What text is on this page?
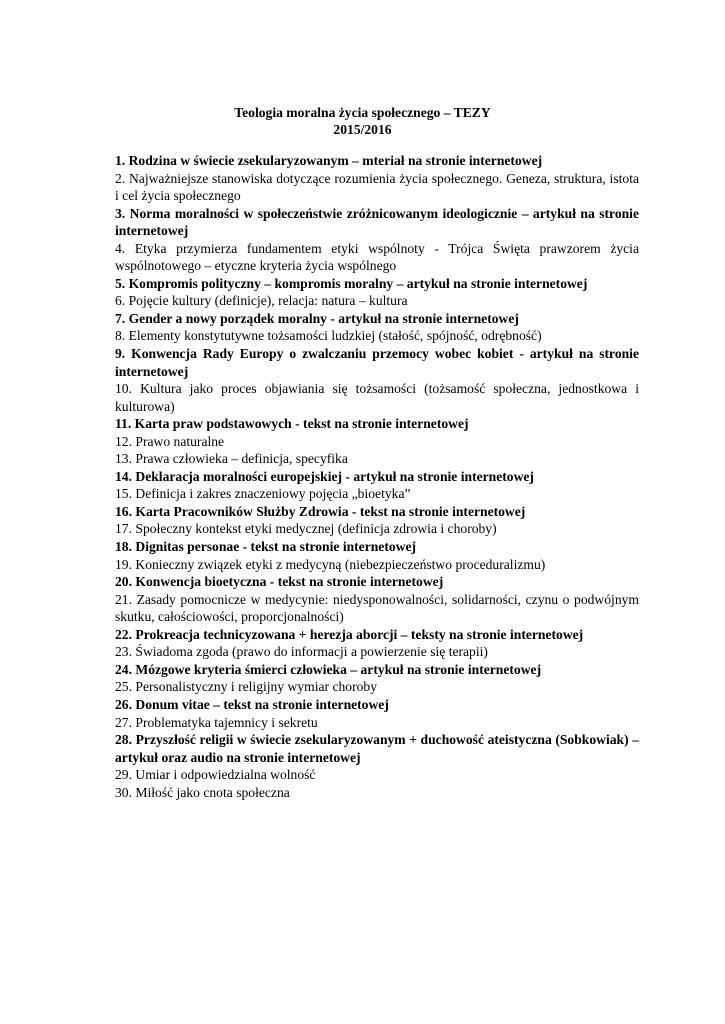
Teologia moralna życia społecznego – TEZY
2015/2016
1. Rodzina w świecie zsekularyzowanym – mteriał na stronie internetowej
2. Najważniejsze stanowiska dotyczące rozumienia życia społecznego. Geneza, struktura, istota i cel życia społecznego
3. Norma moralności w społeczeństwie zróżnicowanym ideologicznie – artykuł na stronie internetowej
4. Etyka przymierza fundamentem etyki wspólnoty - Trójca Święta prawzorem życia wspólnotowego – etyczne kryteria życia wspólnego
5. Kompromis polityczny – kompromis moralny – artykuł na stronie internetowej
6. Pojęcie kultury (definicje), relacja: natura – kultura
7. Gender a nowy porządek moralny - artykuł na stronie internetowej
8. Elementy konstytutywne tożsamości ludzkiej (stałość, spójność, odrębność)
9. Konwencja Rady Europy o zwalczaniu przemocy wobec kobiet - artykuł na stronie internetowej
10. Kultura jako proces objawiania się tożsamości (tożsamość społeczna, jednostkowa i kulturowa)
11. Karta praw podstawowych - tekst na stronie internetowej
12. Prawo naturalne
13. Prawa człowieka – definicja, specyfika
14. Deklaracja moralności europejskiej - artykuł na stronie internetowej
15. Definicja i zakres znaczeniowy pojęcia „bioetyka”
16. Karta Pracowników Służby Zdrowia - tekst na stronie internetowej
17. Społeczny kontekst etyki medycznej (definicja zdrowia i choroby)
18. Dignitas personae - tekst na stronie internetowej
19. Konieczny związek etyki z medycyną (niebezpieczeństwo proceduralizmu)
20. Konwencja bioetyczna - tekst na stronie internetowej
21. Zasady pomocnicze w medycynie: niedysponowalności, solidarności, czynu o podwójnym skutku, całościowości, proporcjonalności)
22. Prokreacja technicyzowana + herezja aborcji – teksty na stronie internetowej
23. Świadoma zgoda (prawo do informacji a powierzenie się terapii)
24. Mózgowe kryteria śmierci człowieka – artykuł na stronie internetowej
25. Personalistyczny i religijny wymiar choroby
26. Donum vitae – tekst na stronie internetowej
27. Problematyka tajemnicy i sekretu
28. Przyszłość religii w świecie zsekularyzowanym + duchowość ateistyczna (Sobkowiak) – artykuł oraz audio na stronie internetowej
29. Umiar i odpowiedzialna wolność
30. Miłość jako cnota społeczna
